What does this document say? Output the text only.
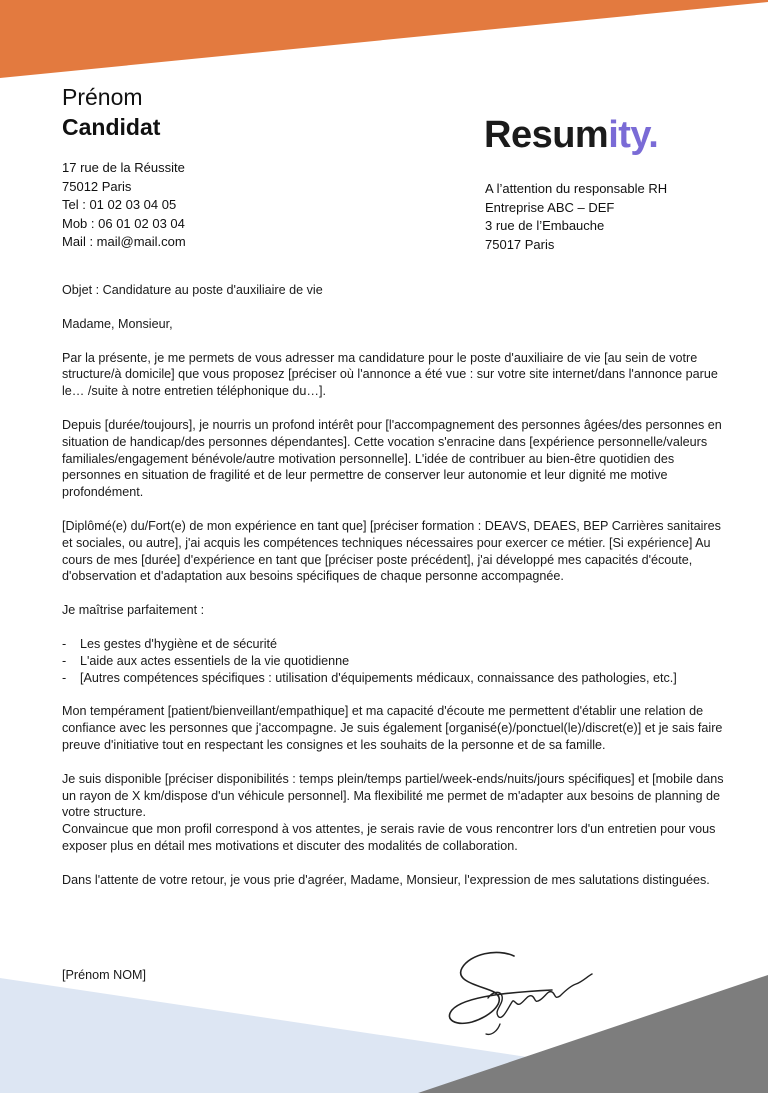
Prénom
Candidat
17 rue de la Réussite
75012 Paris
Tel : 01 02 03 04 05
Mob : 06 01 02 03 04
Mail : mail@mail.com
Resumity.
A l’attention du responsable RH
Entreprise ABC – DEF
3 rue de l’Embauche
75017 Paris

Objet : Candidature au poste d'auxiliaire de vie

Madame, Monsieur,

Par la présente, je me permets de vous adresser ma candidature pour le poste d'auxiliaire de vie [au sein de votre structure/à domicile] que vous proposez [préciser où l'annonce a été vue : sur votre site internet/dans l'annonce parue le… /suite à notre entretien téléphonique du…].

Depuis [durée/toujours], je nourris un profond intérêt pour [l'accompagnement des personnes âgées/des personnes en situation de handicap/des personnes dépendantes]. Cette vocation s'enracine dans [expérience personnelle/valeurs familiales/engagement bénévole/autre motivation personnelle]. L'idée de contribuer au bien-être quotidien des personnes en situation de fragilité et de leur permettre de conserver leur autonomie et leur dignité me motive profondément.

[Diplômé(e) du/Fort(e) de mon expérience en tant que] [préciser formation : DEAVS, DEAES, BEP Carrières sanitaires et sociales, ou autre], j'ai acquis les compétences techniques nécessaires pour exercer ce métier. [Si expérience] Au cours de mes [durée] d'expérience en tant que [préciser poste précédent], j'ai développé mes capacités d'écoute, d'observation et d'adaptation aux besoins spécifiques de chaque personne accompagnée.

Je maîtrise parfaitement :

- Les gestes d'hygiène et de sécurité
- L'aide aux actes essentiels de la vie quotidienne
- [Autres compétences spécifiques : utilisation d'équipements médicaux, connaissance des pathologies, etc.]

Mon tempérament [patient/bienveillant/empathique] et ma capacité d'écoute me permettent d'établir une relation de confiance avec les personnes que j'accompagne. Je suis également [organisé(e)/ponctuel(le)/discret(e)] et je sais faire preuve d'initiative tout en respectant les consignes et les souhaits de la personne et de sa famille.

Je suis disponible [préciser disponibilités : temps plein/temps partiel/week-ends/nuits/jours spécifiques] et [mobile dans un rayon de X km/dispose d'un véhicule personnel]. Ma flexibilité me permet de m'adapter aux besoins de planning de votre structure.

Convaincue que mon profil correspond à vos attentes, je serais ravie de vous rencontrer lors d'un entretien pour vous exposer plus en détail mes motivations et discuter des modalités de collaboration.

Dans l'attente de votre retour, je vous prie d'agréer, Madame, Monsieur, l'expression de mes salutations distinguées.

[Prénom NOM]
